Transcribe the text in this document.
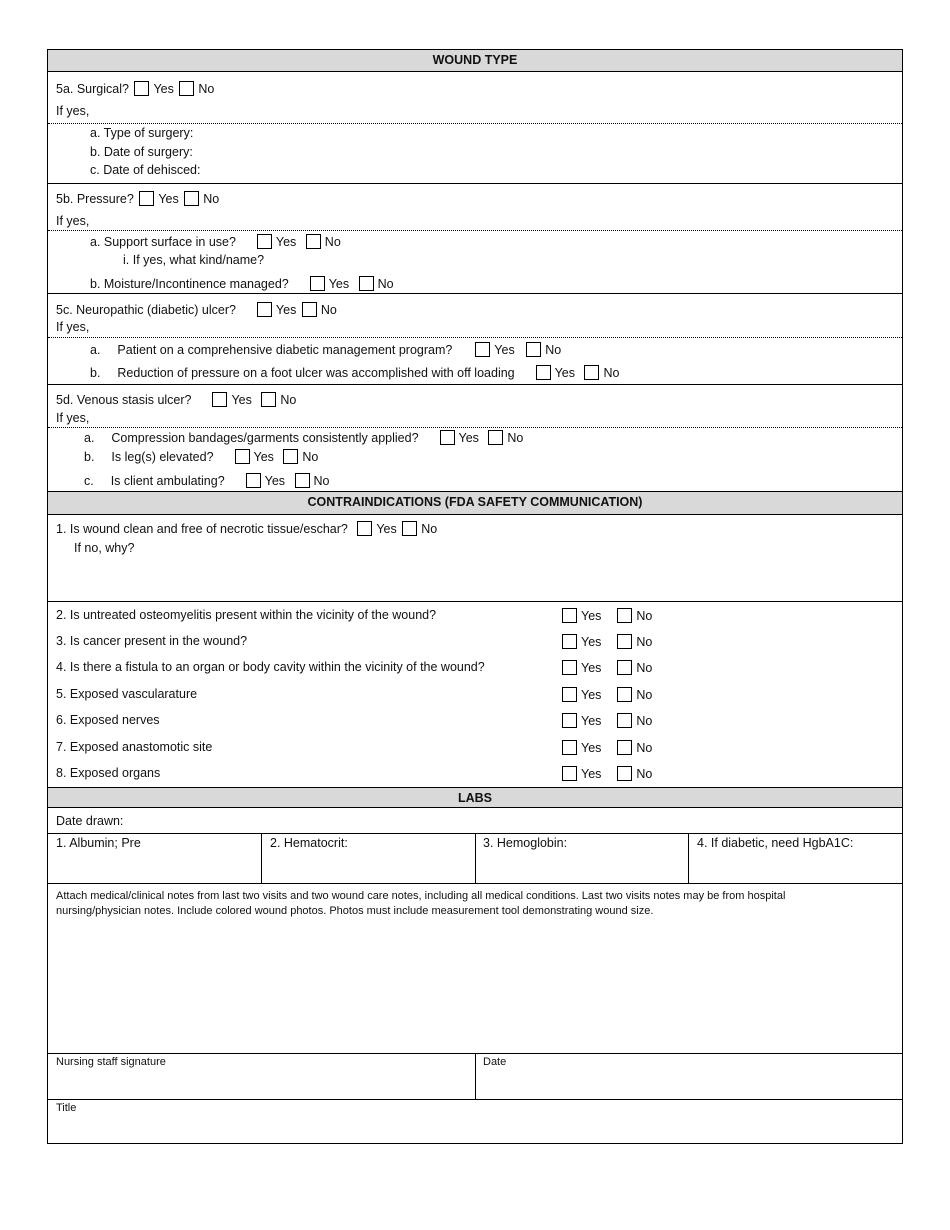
WOUND TYPE
5a. Surgical? Yes No
If yes,
a. Type of surgery:
b. Date of surgery:
c. Date of dehisced:
5b. Pressure? Yes No
If yes,
a. Support surface in use?	Yes No
i. If yes, what kind/name?
b. Moisture/Incontinence managed?	Yes No
5c. Neuropathic (diabetic) ulcer?	Yes No
If yes,
a. Patient on a comprehensive diabetic management program?	Yes No
b. Reduction of pressure on a foot ulcer was accomplished with off loading	Yes No
5d. Venous stasis ulcer?	Yes No
If yes,
a. Compression bandages/garments consistently applied?	Yes No
b. Is leg(s) elevated?	Yes No
c. Is client ambulating?	Yes No
CONTRAINDICATIONS (FDA SAFETY COMMUNICATION)
1. Is wound clean and free of necrotic tissue/eschar? Yes No
If no, why?
2. Is untreated osteomyelitis present within the vicinity of the wound?	Yes	No
3. Is cancer present in the wound?	Yes	No
4. Is there a fistula to an organ or body cavity within the vicinity of the wound?	Yes	No
5. Exposed vascularature	Yes	No
6. Exposed nerves	Yes	No
7. Exposed anastomotic site	Yes	No
8. Exposed organs	Yes	No
LABS
Date drawn:
1. Albumin; Pre	2. Hematocrit:	3. Hemoglobin:	4. If diabetic, need HgbA1C:
Attach medical/clinical notes from last two visits and two wound care notes, including all medical conditions. Last two visits notes may be from hospital nursing/physician notes. Include colored wound photos. Photos must include measurement tool demonstrating wound size.
Nursing staff signature	Date
Title
